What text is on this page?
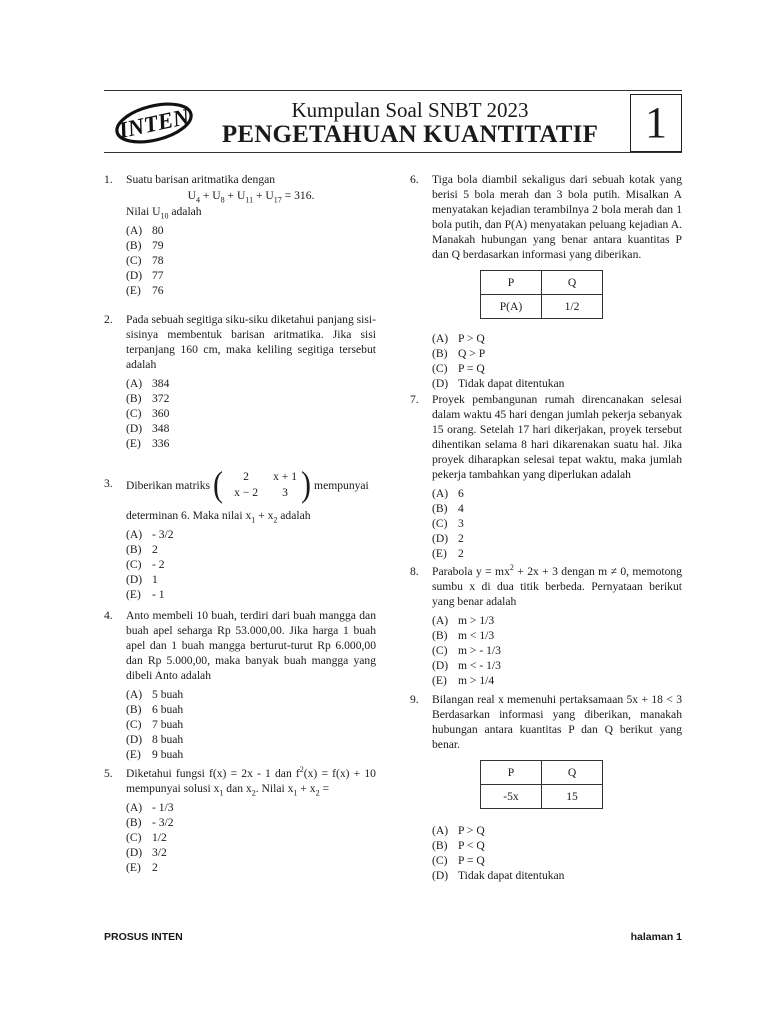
INTEN	Kumpulan Soal SNBT 2023
PENGETAHUAN KUANTITATIF	1
1. Suatu barisan aritmatika dengan
$U_4 + U_8 + U_{11} + U_{17} = 316$.
Nilai $U_{10}$ adalah
(A) 80
(B) 79
(C) 78
(D) 77
(E) 76
2. Pada sebuah segitiga siku-siku diketahui panjang sisi-sisinya membentuk barisan aritmatika. Jika sisi terpanjang 160 cm, maka keliling segitiga tersebut adalah
(A) 384
(B) 372
(C) 360
(D) 348
(E) 336
3. Diberikan matriks (	2	x + 1
x − 2	3 ) mempunyai
determinan 6. Maka nilai $x_1 + x_2$ adalah
(A) - 3/2
(B) 2
(C) - 2
(D) 1
(E) - 1
4. Anto membeli 10 buah, terdiri dari buah mangga dan buah apel seharga Rp 53.000,00. Jika harga 1 buah apel dan 1 buah mangga berturut-turut Rp 6.000,00 dan Rp 5.000,00, maka banyak buah mangga yang dibeli Anto adalah
(A) 5 buah
(B) 6 buah
(C) 7 buah
(D) 8 buah
(E) 9 buah
5. Diketahui fungsi f(x) = 2x - 1 dan $f^2(x) = f(x) + 10$ mempunyai solusi $x_1$ dan $x_2$. Nilai $x_1 + x_2$ =
(A) - 1/3
(B) - 3/2
(C) 1/2
(D) 3/2
(E) 2
6. Tiga bola diambil sekaligus dari sebuah kotak yang berisi 5 bola merah dan 3 bola putih. Misalkan A menyatakan kejadian terambilnya 2 bola merah dan 1 bola putih, dan P(A) menyatakan peluang kejadian A. Manakah hubungan yang benar antara kuantitas P dan Q berdasarkan informasi yang diberikan.
P	Q
P(A)	1/2
(A) P > Q
(B) Q > P
(C) P = Q
(D) Tidak dapat ditentukan
7. Proyek pembangunan rumah direncanakan selesai dalam waktu 45 hari dengan jumlah pekerja sebanyak 15 orang. Setelah 17 hari dikerjakan, proyek tersebut dihentikan selama 8 hari dikarenakan suatu hal. Jika proyek diharapkan selesai tepat waktu, maka jumlah pekerja tambahkan yang diperlukan adalah
(A) 6
(B) 4
(C) 3
(D) 2
(E) 2
8. Parabola $y = mx^2 + 2x + 3$ dengan m ≠ 0, memotong sumbu x di dua titik berbeda. Pernyataan berikut yang benar adalah
(A) m > 1/3
(B) m < 1/3
(C) m > - 1/3
(D) m < - 1/3
(E) m > 1/4
9. Bilangan real x memenuhi pertaksamaan 5x + 18 < 3 Berdasarkan informasi yang diberikan, manakah hubungan antara kuantitas P dan Q berikut yang benar.
P	Q
-5x	15
(A) P > Q
(B) P < Q
(C) P = Q
(D) Tidak dapat ditentukan
PROSUS INTEN	halaman 1
